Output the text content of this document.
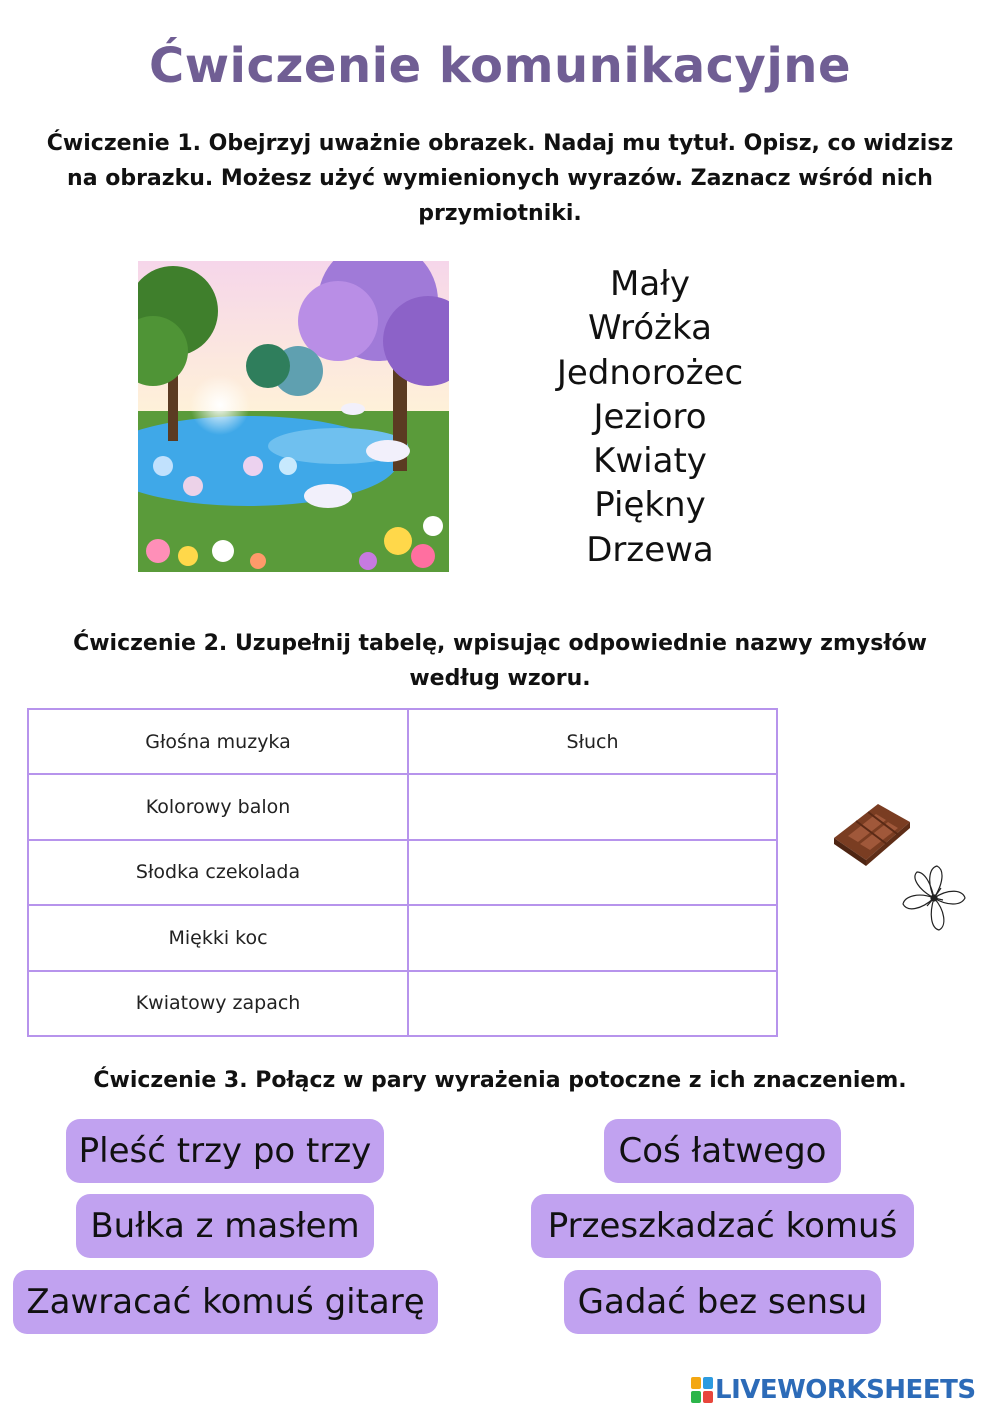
Ćwiczenie komunikacyjne
Ćwiczenie 1. Obejrzyj uważnie obrazek. Nadaj mu tytuł. Opisz, co widzisz na obrazku. Możesz użyć wymienionych wyrazów. Zaznacz wśród nich przymiotniki.
Mały
Wróżka
Jednorożec
Jezioro
Kwiaty
Piękny
Drzewa
Ćwiczenie 2. Uzupełnij tabelę, wpisując odpowiednie nazwy zmysłów według wzoru.
Głośna muzyka	Słuch
Kolorowy balon	
Słodka czekolada	
Miękki koc	
Kwiatowy zapach	
Ćwiczenie 3. Połącz w pary wyrażenia potoczne z ich znaczeniem.
Pleść trzy po trzy
Bułka z masłem
Zawracać komuś gitarę
Coś łatwego
Przeszkadzać komuś
Gadać bez sensu
LIVEWORKSHEETS
